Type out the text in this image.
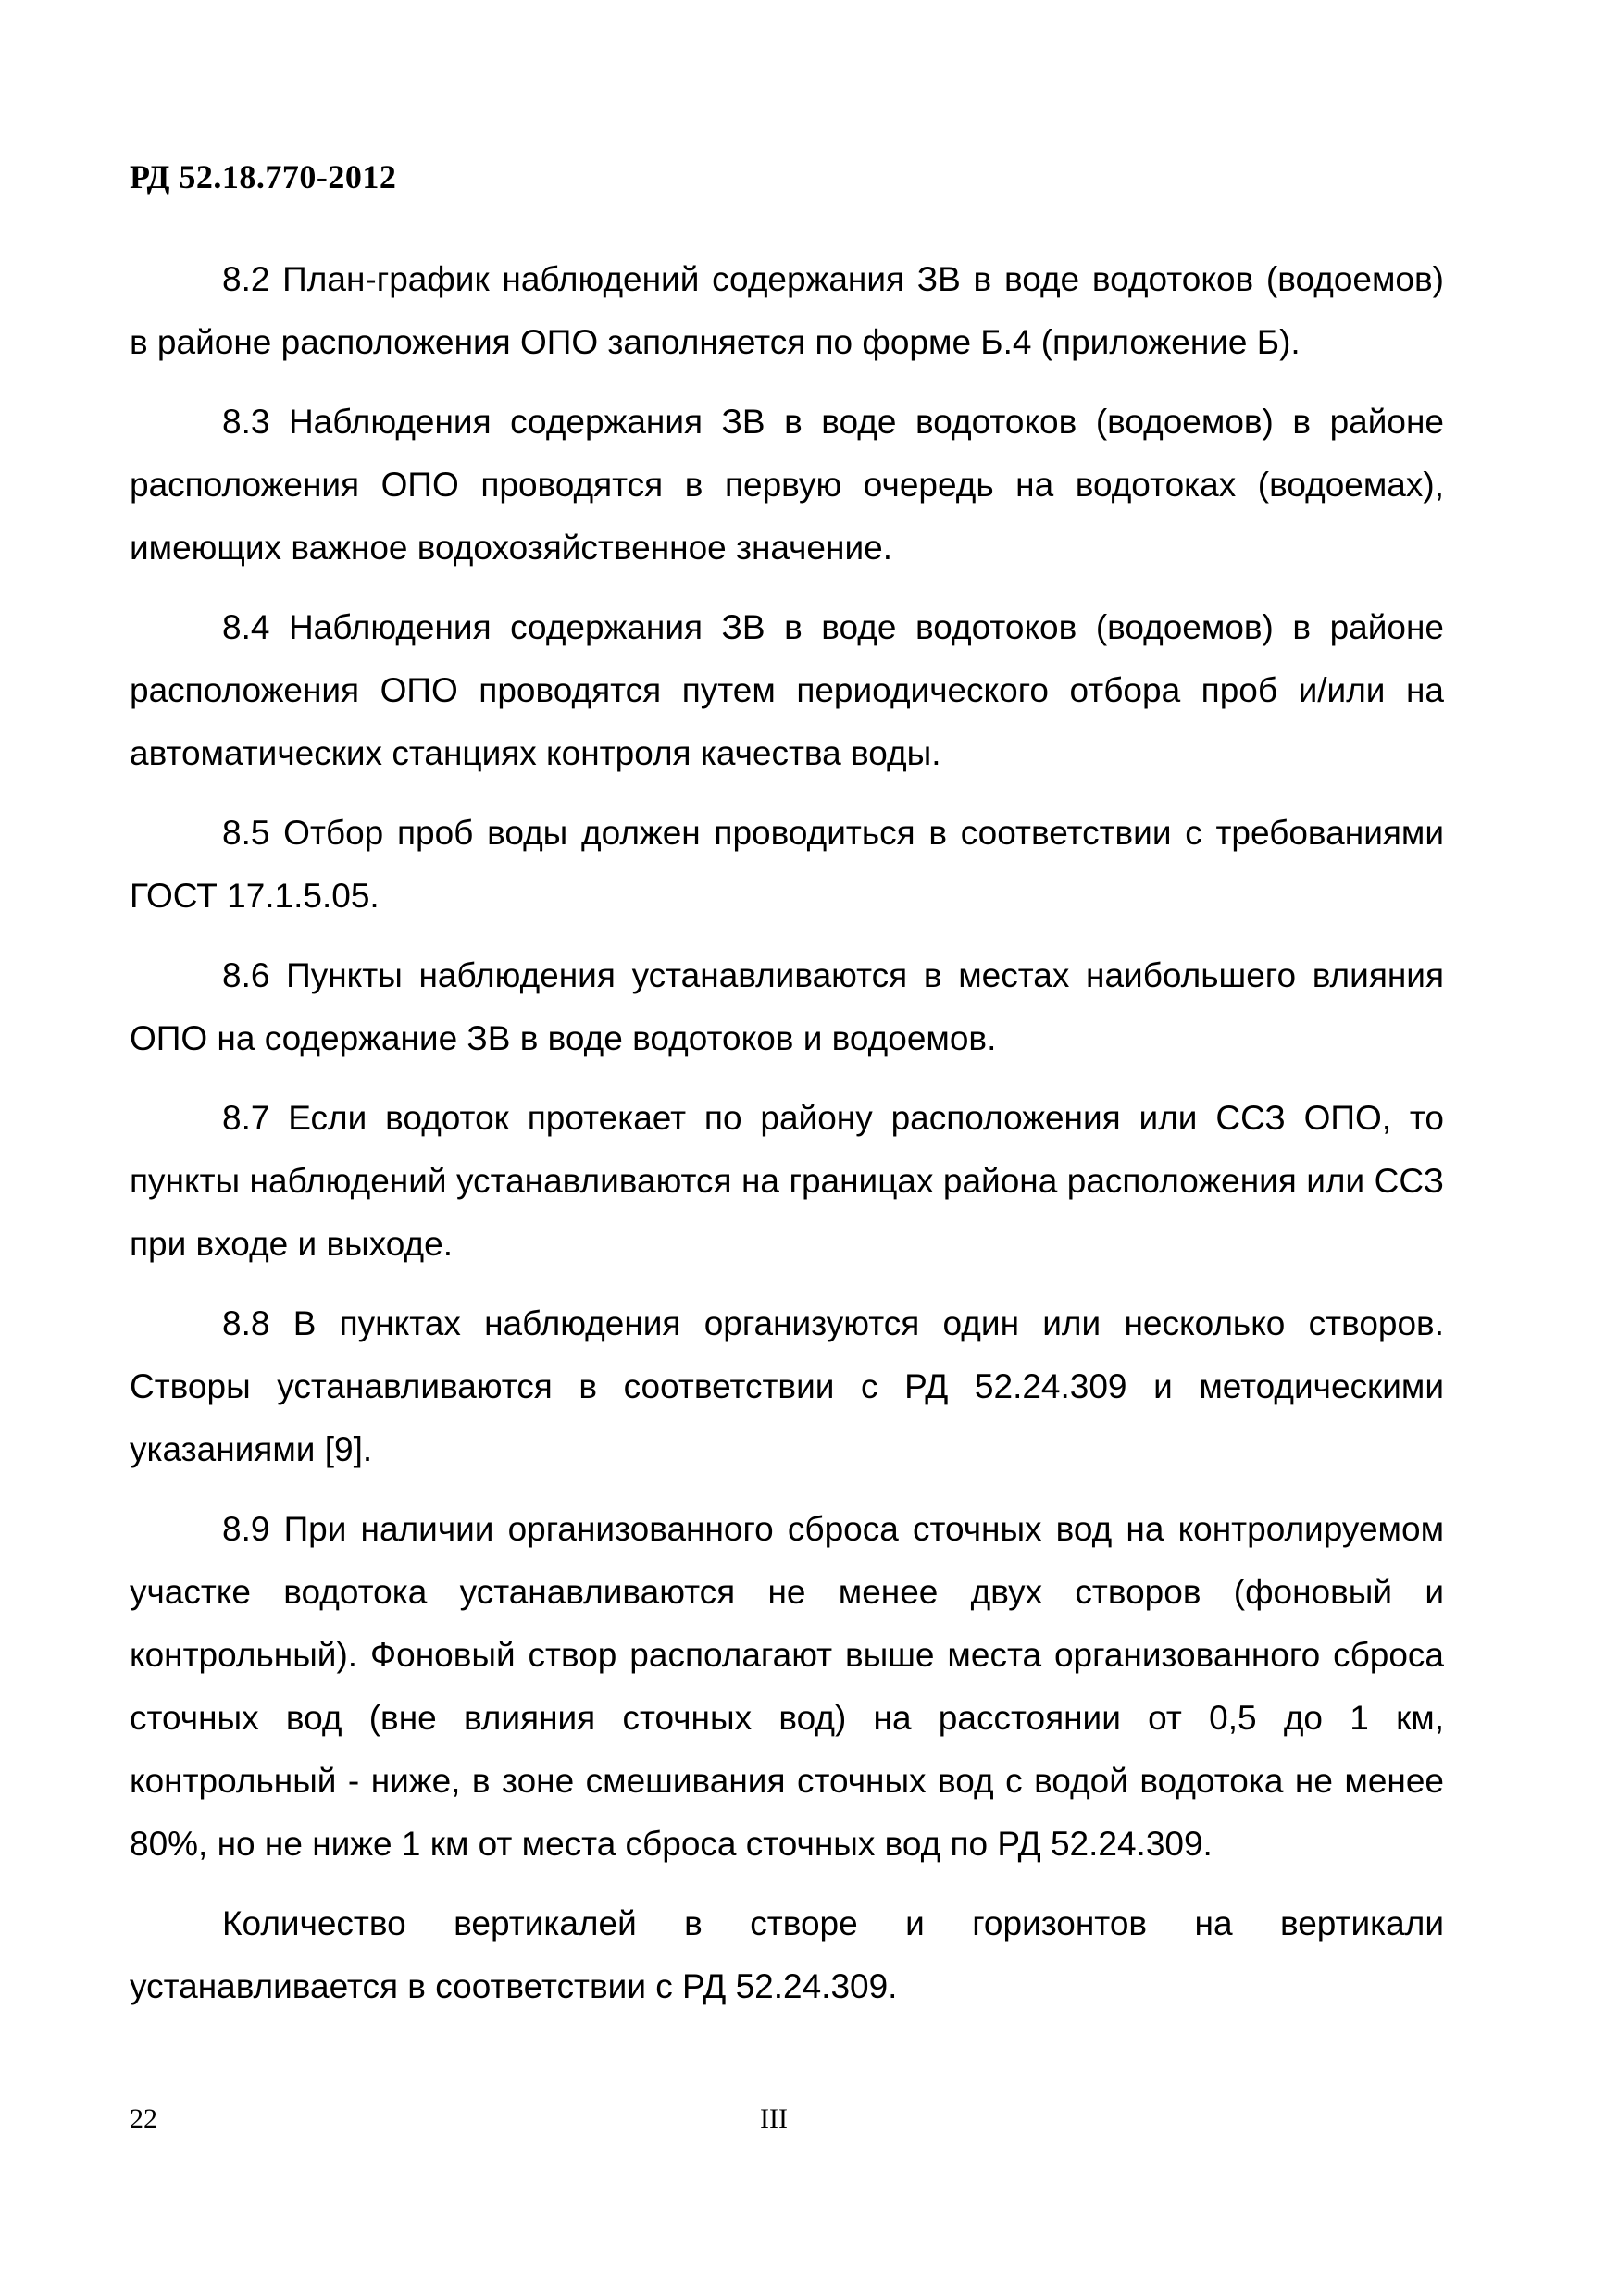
РД 52.18.770-2012

8.2 План-график наблюдений содержания ЗВ в воде водотоков (водоемов) в районе расположения ОПО заполняется по форме Б.4 (приложение Б).

8.3 Наблюдения содержания ЗВ в воде водотоков (водоемов) в районе расположения ОПО проводятся в первую очередь на водотоках (водоемах), имеющих важное водохозяйственное значение.

8.4 Наблюдения содержания ЗВ в воде водотоков (водоемов) в районе расположения ОПО проводятся путем периодического отбора проб и/или на автоматических станциях контроля качества воды.

8.5 Отбор проб воды должен проводиться в соответствии с требованиями ГОСТ 17.1.5.05.

8.6 Пункты наблюдения устанавливаются в местах наибольшего влияния ОПО на содержание ЗВ в воде водотоков и водоемов.

8.7 Если водоток протекает по району расположения или ССЗ ОПО, то пункты наблюдений устанавливаются на границах района расположения или ССЗ при входе и выходе.

8.8 В пунктах наблюдения организуются один или несколько створов. Створы устанавливаются в соответствии с РД 52.24.309 и методическими указаниями [9].

8.9 При наличии организованного сброса сточных вод на контролируемом участке водотока устанавливаются не менее двух створов (фоновый и контрольный). Фоновый створ располагают выше места организованного сброса сточных вод (вне влияния сточных вод) на расстоянии от 0,5 до 1 км, контрольный - ниже, в зоне смешивания сточных вод с водой водотока не менее 80%, но не ниже 1 км от места сброса сточных вод по РД 52.24.309.

Количество вертикалей в створе и горизонтов на вертикали устанавливается в соответствии с РД 52.24.309.

22	III
